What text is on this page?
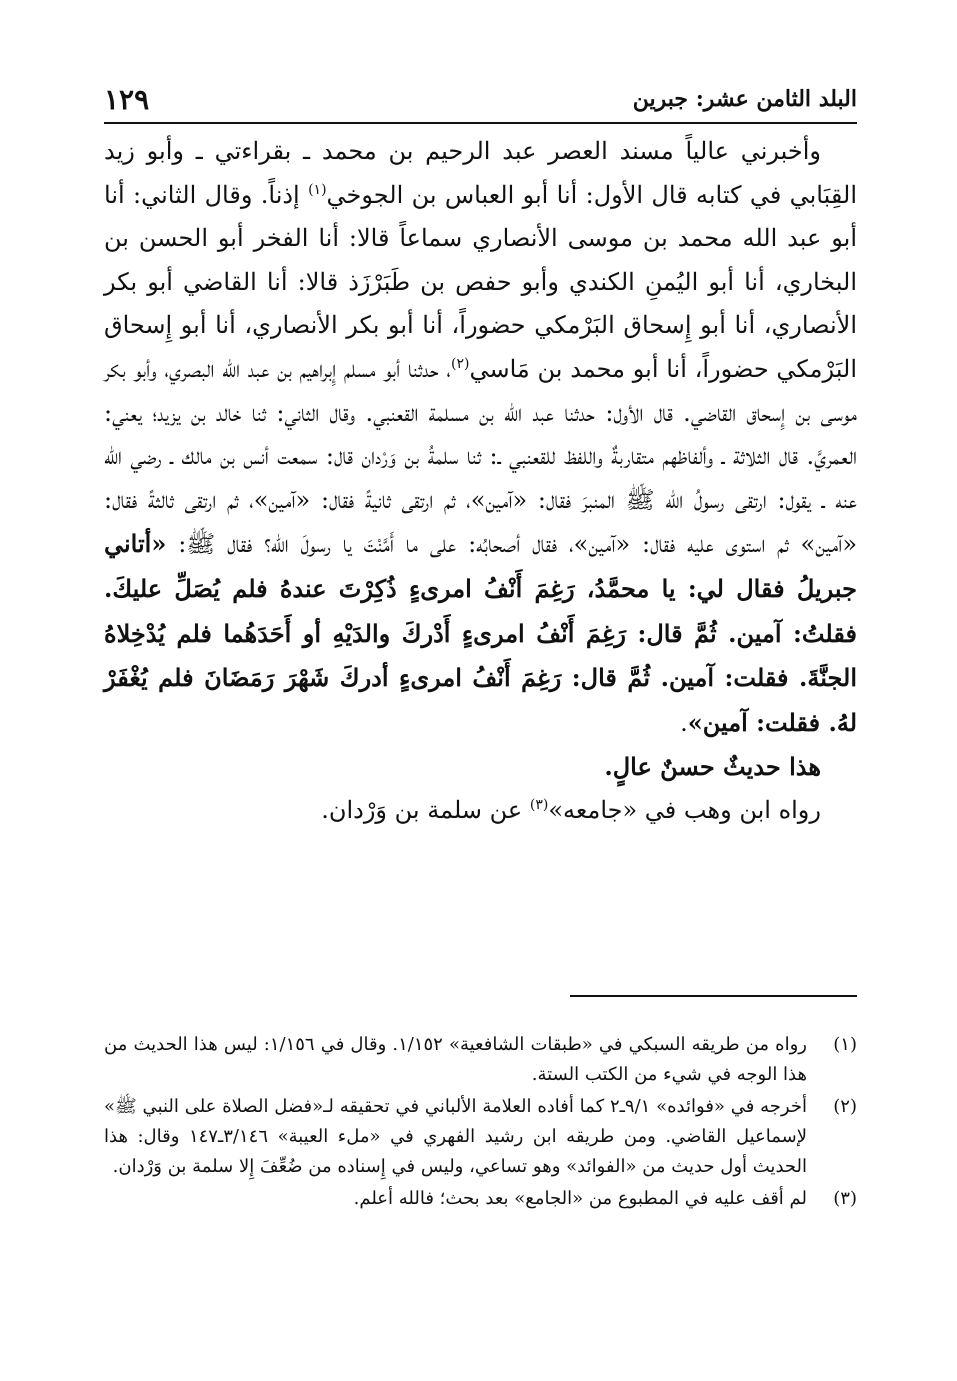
البلد الثامن عشر: جبرين
١٢٩

وأخبرني عالياً مسند العصر عبد الرحيم بن محمد ـ بقراءتي ـ وأبو زيد القِبَابي في كتابه قال الأول: أنا أبو العباس بن الجوخي$^{(١)}$ إذناً. وقال الثاني: أنا أبو عبد الله محمد بن موسى الأنصاري سماعاً قالا: أنا الفخر أبو الحسن بن البخاري، أنا أبو اليُمنِ الكندي وأبو حفص بن طَبَرْزَذ قالا: أنا القاضي أبو بكر الأنصاري، أنا أبو إِسحاق البَرْمكي حضوراً، أنا أبو بكر الأنصاري، أنا أبو إِسحاق البَرْمكي حضوراً، أنا أبو محمد بن مَاسي$^{(٢)}$، حدثنا أبو مسلم إِبراهيم بن عبد الله البصري، وأبو بكر موسى بن إِسحاق القاضي. قال الأول: حدثنا عبد الله بن مسلمة القعنبي. وقال الثاني: ثنا خالد بن يزيد؛ يعني: العمريَّ. قال الثلاثة ـ وألفاظهم متقاربةٌ واللفظ للقعنبي ـ: ثنا سلمةُ بن وَرْدان قال: سمعت أنس بن مالك ـ رضي الله عنه ـ يقول: ارتقى رسولُ الله ﷺ المنبرَ فقال: «آمين»، ثم ارتقى ثانيةً فقال: «آمين»، ثم ارتقى ثالثةً فقال: «آمين» ثم استوى عليه فقال: «آمين»، فقال أصحابُه: على ما أَمَّنْتَ يا رسولَ الله؟ فقال ﷺ: «أتاني جبريلُ فقال لي: يا محمَّدُ، رَغِمَ أَنْفُ امرىءٍ ذُكِرْتَ عندهُ فلم يُصَلِّ عليكَ. فقلتُ: آمين. ثُمَّ قال: رَغِمَ أَنْفُ امرىءٍ أَدْركَ والدَيْهِ أو أَحَدَهُما فلم يُدْخِلاهُ الجنَّةَ. فقلت: آمين. ثُمَّ قال: رَغِمَ أَنْفُ امرىءٍ أدركَ شَهْرَ رَمَضَانَ فلم يُغْفَرْ لهُ. فقلت: آمين».

هذا حديثٌ حسنٌ عالٍ.

رواه ابن وهب في «جامعه»$^{(٣)}$ عن سلمة بن وَرْدان.

(١)
رواه من طريقه السبكي في «طبقات الشافعية» ١/١٥٢. وقال في ١/١٥٦: ليس هذا الحديث من هذا الوجه في شيء من الكتب الستة.
(٢)
أخرجه في «فوائده» ٩/١ـ٢ كما أفاده العلامة الألباني في تحقيقه لـ«فضل الصلاة على النبي ﷺ» لإسماعيل القاضي. ومن طريقه ابن رشيد الفهري في «ملء العيبة» ٣/١٤٦ـ١٤٧ وقال: هذا الحديث أول حديث من «الفوائد» وهو تساعي، وليس في إِسناده من ضُعِّفَ إِلا سلمة بن وَرْدان.
(٣)
لم أقف عليه في المطبوع من «الجامع» بعد بحث؛ فالله أعلم.
